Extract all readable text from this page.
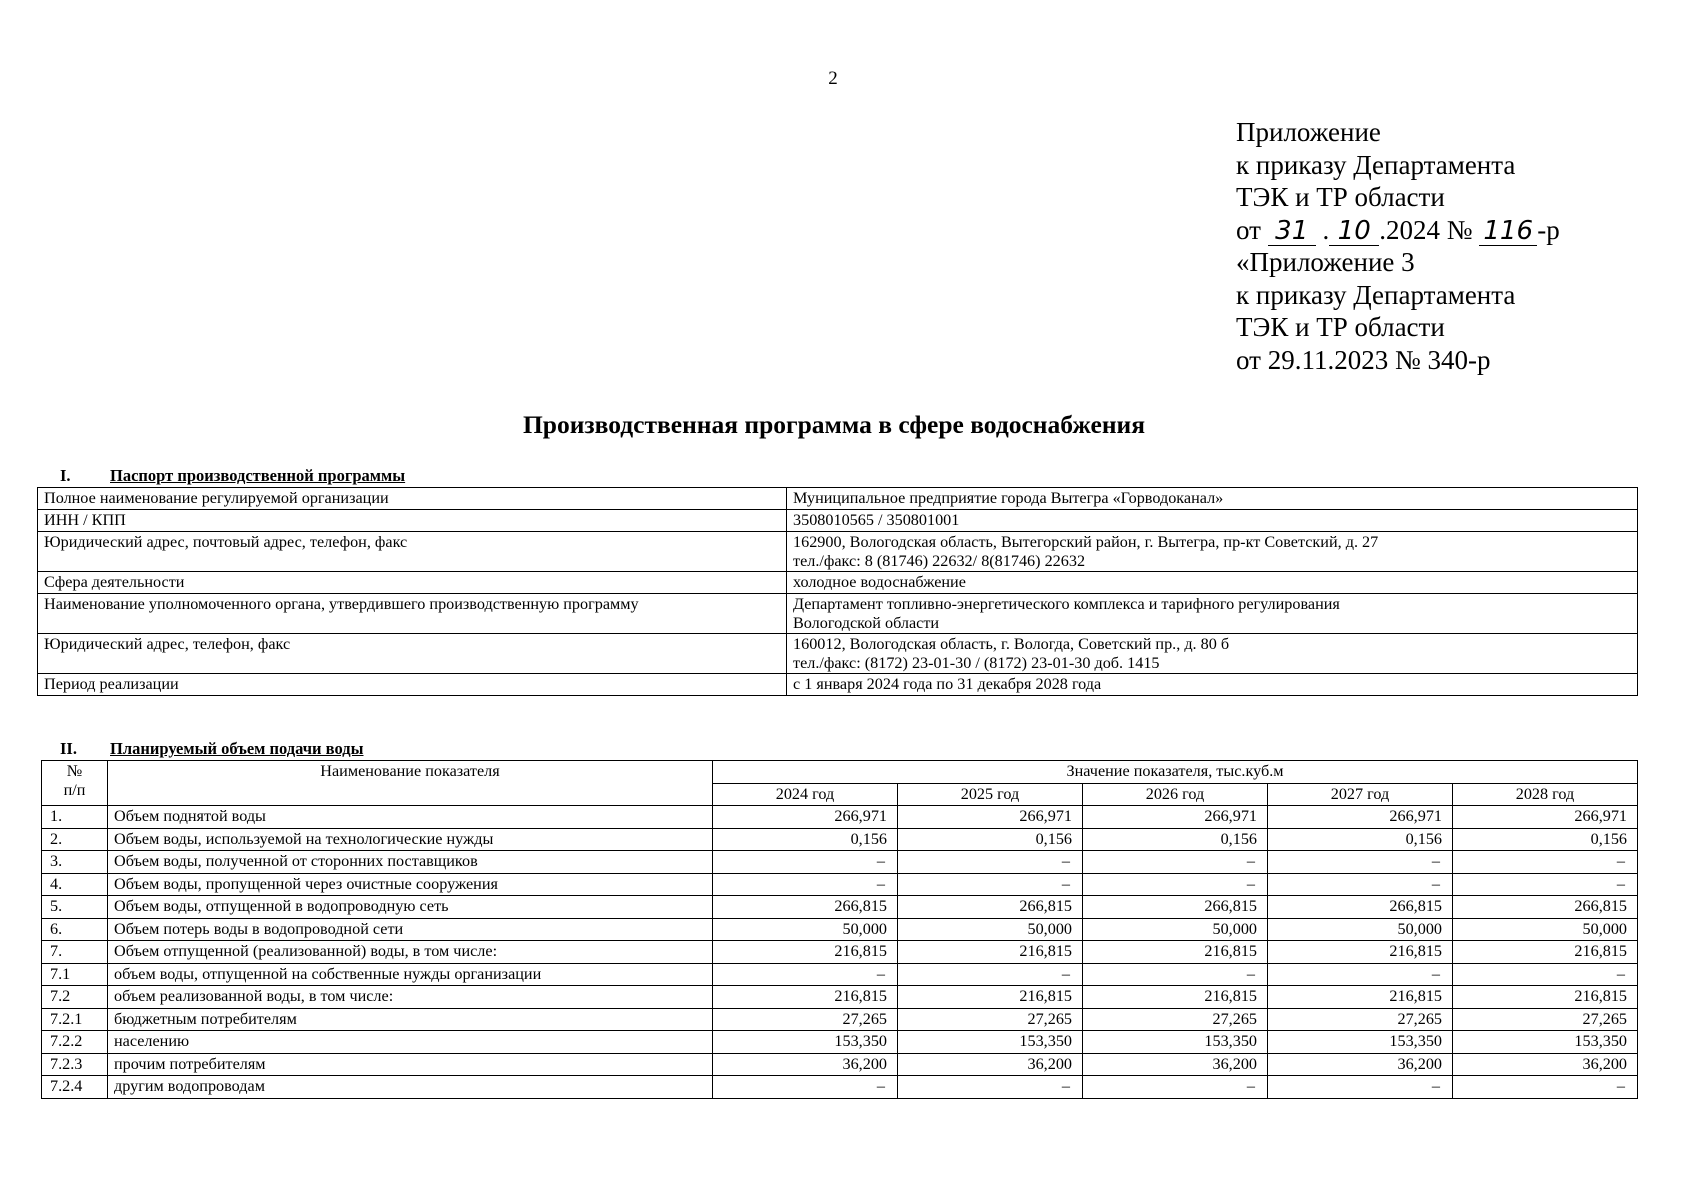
2
Приложение
к приказу Департамента
ТЭК и ТР области
от 31 . 10 .2024 № 116 -р
«Приложение 3
к приказу Департамента
ТЭК и ТР области
от 29.11.2023 № 340-р
Производственная программа в сфере водоснабжения
I. Паспорт производственной программы
Полное наименование регулируемой организации	Муниципальное предприятие города Вытегра «Горводоканал»

ИНН / КПП	3508010565 / 350801001

Юридический адрес, почтовый адрес, телефон, факс	162900, Вологодская область, Вытегорский район, г. Вытегра, пр-кт Советский, д. 27
тел./факс: 8 (81746) 22632/ 8(81746) 22632

Сфера деятельности	холодное водоснабжение

Наименование уполномоченного органа, утвердившего производственную программу	Департамент топливно-энергетического комплекса и тарифного регулирования
Вологодской области

Юридический адрес, телефон, факс	160012, Вологодская область, г. Вологда, Советский пр., д. 80 б
тел./факс: (8172) 23-01-30 / (8172) 23-01-30 доб. 1415

Период реализации	с 1 января 2024 года по 31 декабря 2028 года
II. Планируемый объем подачи воды
№
п/п	Наименование показателя	Значение показателя, тыс.куб.м				
		2024 год	2025 год	2026 год	2027 год	2028 год
1.	Объем поднятой воды	266,971	266,971	266,971	266,971	266,971
2.	Объем воды, используемой на технологические нужды	0,156	0,156	0,156	0,156	0,156
3.	Объем воды, полученной от сторонних поставщиков	–	–	–	–	–
4.	Объем воды, пропущенной через очистные сооружения	–	–	–	–	–
5.	Объем воды, отпущенной в водопроводную сеть	266,815	266,815	266,815	266,815	266,815
6.	Объем потерь воды в водопроводной сети	50,000	50,000	50,000	50,000	50,000
7.	Объем отпущенной (реализованной) воды, в том числе:	216,815	216,815	216,815	216,815	216,815
7.1	объем воды, отпущенной на собственные нужды организации	–	–	–	–	–
7.2	объем реализованной воды, в том числе:	216,815	216,815	216,815	216,815	216,815
7.2.1	бюджетным потребителям	27,265	27,265	27,265	27,265	27,265
7.2.2	населению	153,350	153,350	153,350	153,350	153,350
7.2.3	прочим потребителям	36,200	36,200	36,200	36,200	36,200
7.2.4	другим водопроводам	–	–	–	–	–
